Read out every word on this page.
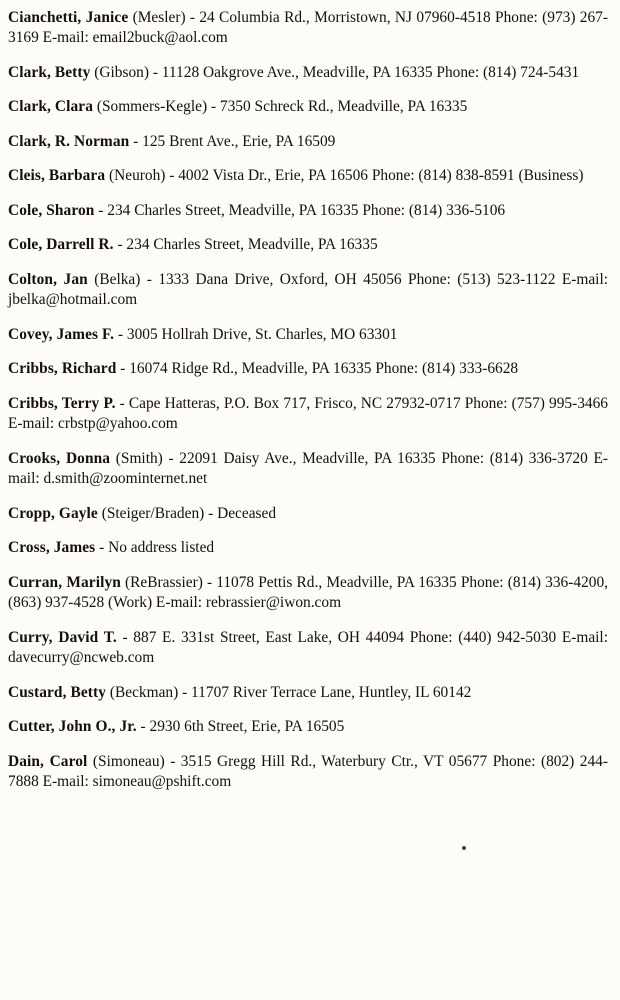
Cianchetti, Janice (Mesler) - 24 Columbia Rd., Morristown, NJ 07960-4518 Phone: (973) 267-3169 E-mail: email2buck@aol.com

Clark, Betty (Gibson) - 11128 Oakgrove Ave., Meadville, PA 16335 Phone: (814) 724-5431

Clark, Clara (Sommers-Kegle) - 7350 Schreck Rd., Meadville, PA 16335

Clark, R. Norman - 125 Brent Ave., Erie, PA 16509

Cleis, Barbara (Neuroh) - 4002 Vista Dr., Erie, PA 16506 Phone: (814) 838-8591 (Business)

Cole, Sharon - 234 Charles Street, Meadville, PA 16335 Phone: (814) 336-5106

Cole, Darrell R. - 234 Charles Street, Meadville, PA 16335

Colton, Jan (Belka) - 1333 Dana Drive, Oxford, OH 45056 Phone: (513) 523-1122 E-mail: jbelka@hotmail.com

Covey, James F. - 3005 Hollrah Drive, St. Charles, MO 63301

Cribbs, Richard - 16074 Ridge Rd., Meadville, PA 16335 Phone: (814) 333-6628

Cribbs, Terry P. - Cape Hatteras, P.O. Box 717, Frisco, NC 27932-0717 Phone: (757) 995-3466 E-mail: crbstp@yahoo.com

Crooks, Donna (Smith) - 22091 Daisy Ave., Meadville, PA 16335 Phone: (814) 336-3720 E-mail: d.smith@zoominternet.net

Cropp, Gayle (Steiger/Braden) - Deceased

Cross, James - No address listed

Curran, Marilyn (ReBrassier) - 11078 Pettis Rd., Meadville, PA 16335 Phone: (814) 336-4200, (863) 937-4528 (Work) E-mail: rebrassier@iwon.com

Curry, David T. - 887 E. 331st Street, East Lake, OH 44094 Phone: (440) 942-5030 E-mail: davecurry@ncweb.com

Custard, Betty (Beckman) - 11707 River Terrace Lane, Huntley, IL 60142

Cutter, John O., Jr. - 2930 6th Street, Erie, PA 16505

Dain, Carol (Simoneau) - 3515 Gregg Hill Rd., Waterbury Ctr., VT 05677 Phone: (802) 244-7888 E-mail: simoneau@pshift.com
